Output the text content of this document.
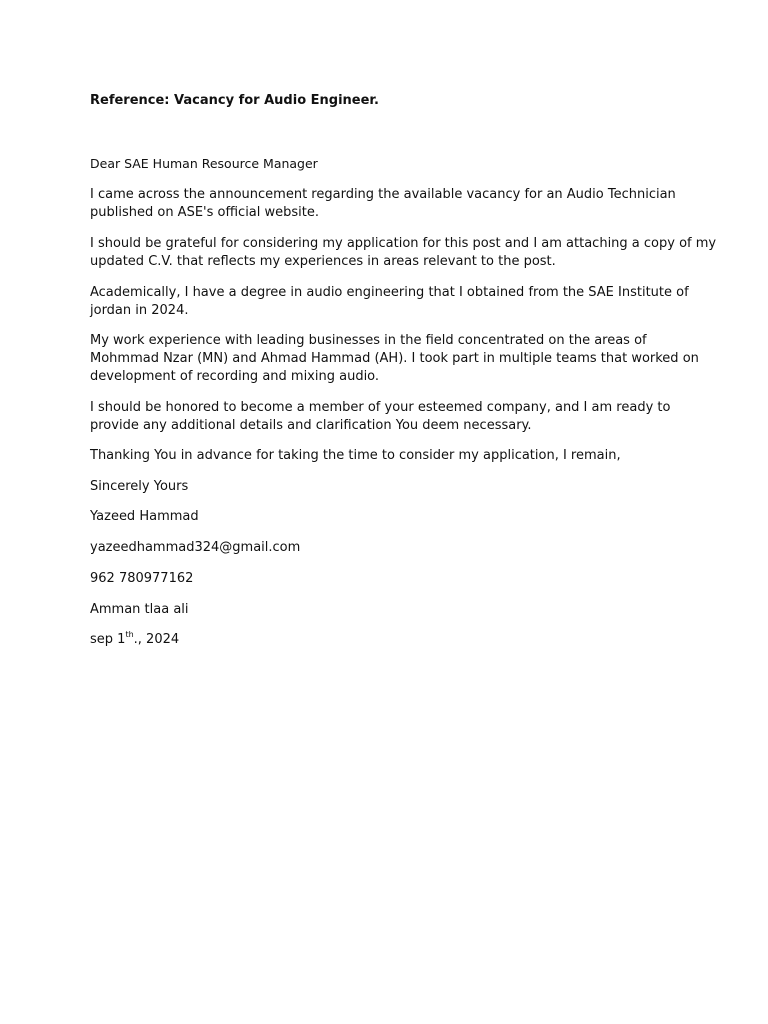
Reference: Vacancy for Audio Engineer.
Dear SAE Human Resource Manager
I came across the announcement regarding the available vacancy for an Audio Technician
published on ASE's official website.
I should be grateful for considering my application for this post and I am attaching a copy of my
updated C.V. that reflects my experiences in areas relevant to the post.
Academically, I have a degree in audio engineering that I obtained from the SAE Institute of
jordan in 2024.
My work experience with leading businesses in the field concentrated on the areas of
Mohmmad Nzar (MN) and Ahmad Hammad (AH). I took part in multiple teams that worked on
development of recording and mixing audio.
I should be honored to become a member of your esteemed company, and I am ready to
provide any additional details and clarification You deem necessary.
Thanking You in advance for taking the time to consider my application, I remain,
Sincerely Yours
Yazeed Hammad
yazeedhammad324@gmail.com
962 780977162
Amman tlaa ali
sep 1th., 2024
